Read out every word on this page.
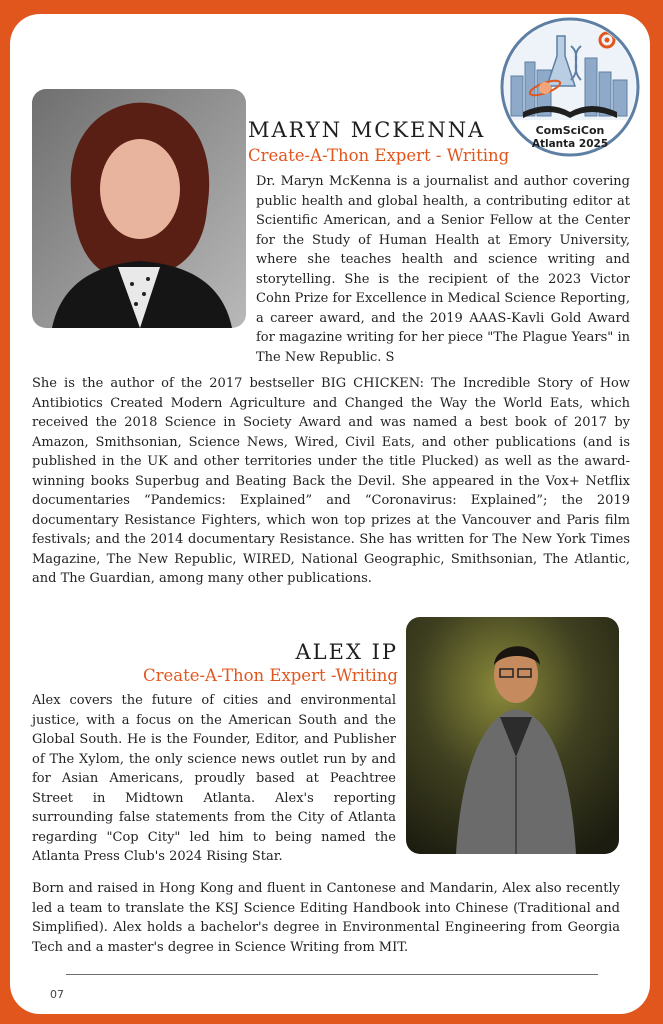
ComSciCon
Atlanta 2025
MARYN MCKENNA
Create-A-Thon Expert - Writing

Dr. Maryn McKenna is a journalist and author covering public health and global health, a contributing editor at Scientific American, and a Senior Fellow at the Center for the Study of Human Health at Emory University, where she teaches health and science writing and storytelling. She is the recipient of the 2023 Victor Cohn Prize for Excellence in Medical Science Reporting, a career award, and the 2019 AAAS-Kavli Gold Award for magazine writing for her piece "The Plague Years" in The New Republic. S

She is the author of the 2017 bestseller BIG CHICKEN: The Incredible Story of How Antibiotics Created Modern Agriculture and Changed the Way the World Eats, which received the 2018 Science in Society Award and was named a best book of 2017 by Amazon, Smithsonian, Science News, Wired, Civil Eats, and other publications (and is published in the UK and other territories under the title Plucked) as well as the award-winning books Superbug and Beating Back the Devil. She appeared in the Vox+ Netflix documentaries “Pandemics: Explained” and “Coronavirus: Explained”; the 2019 documentary Resistance Fighters, which won top prizes at the Vancouver and Paris film festivals; and the 2014 documentary Resistance. She has written for The New York Times Magazine, The New Republic, WIRED, National Geographic, Smithsonian, The Atlantic, and The Guardian, among many other publications.

ALEX IP
Create-A-Thon Expert -Writing

Alex covers the future of cities and environmental justice, with a focus on the American South and the Global South. He is the Founder, Editor, and Publisher of The Xylom, the only science news outlet run by and for Asian Americans, proudly based at Peachtree Street in Midtown Atlanta. Alex's reporting surrounding false statements from the City of Atlanta regarding "Cop City" led him to being named the Atlanta Press Club's 2024 Rising Star.

Born and raised in Hong Kong and fluent in Cantonese and Mandarin, Alex also recently led a team to translate the KSJ Science Editing Handbook into Chinese (Traditional and Simplified). Alex holds a bachelor's degree in Environmental Engineering from Georgia Tech and a master's degree in Science Writing from MIT.

07
